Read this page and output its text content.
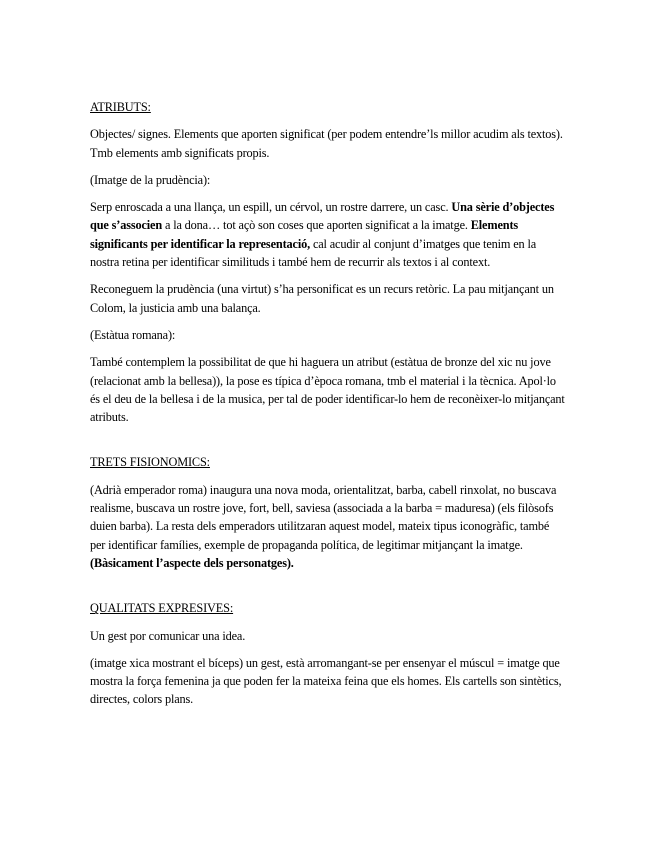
ATRIBUTS:

Objectes/ signes. Elements que aporten significat (per podem entendre’ls millor acudim als textos). Tmb elements amb significats propis.

(Imatge de la prudència):

Serp enroscada a una llança, un espill, un cérvol, un rostre darrere, un casc. Una sèrie d’objectes que s’associen a la dona… tot açò son coses que aporten significat a la imatge. Elements significants per identificar la representació, cal acudir al conjunt d’imatges que tenim en la nostra retina per identificar similituds i també hem de recurrir als textos i al context.

Reconeguem la prudència (una virtut) s’ha personificat es un recurs retòric. La pau mitjançant un Colom, la justicia amb una balança.

(Estàtua romana):

També contemplem la possibilitat de que hi haguera un atribut (estàtua de bronze del xic nu jove (relacionat amb la bellesa)), la pose es típica d’època romana, tmb el material i la tècnica. Apol·lo és el deu de la bellesa i de la musica, per tal de poder identificar-lo hem de reconèixer-lo mitjançant atributs.

TRETS FISIONOMICS:

(Adrià emperador roma) inaugura una nova moda, orientalitzat, barba, cabell rinxolat, no buscava realisme, buscava un rostre jove, fort, bell, saviesa (associada a la barba = maduresa) (els filòsofs duien barba). La resta dels emperadors utilitzaran aquest model, mateix tipus iconogràfic, també per identificar famílies, exemple de propaganda política, de legitimar mitjançant la imatge. (Bàsicament l’aspecte dels personatges).

QUALITATS EXPRESIVES:

Un gest por comunicar una idea.

(imatge xica mostrant el bíceps) un gest, està arromangant-se per ensenyar el múscul = imatge que mostra la força femenina ja que poden fer la mateixa feina que els homes. Els cartells son sintètics, directes, colors plans.
